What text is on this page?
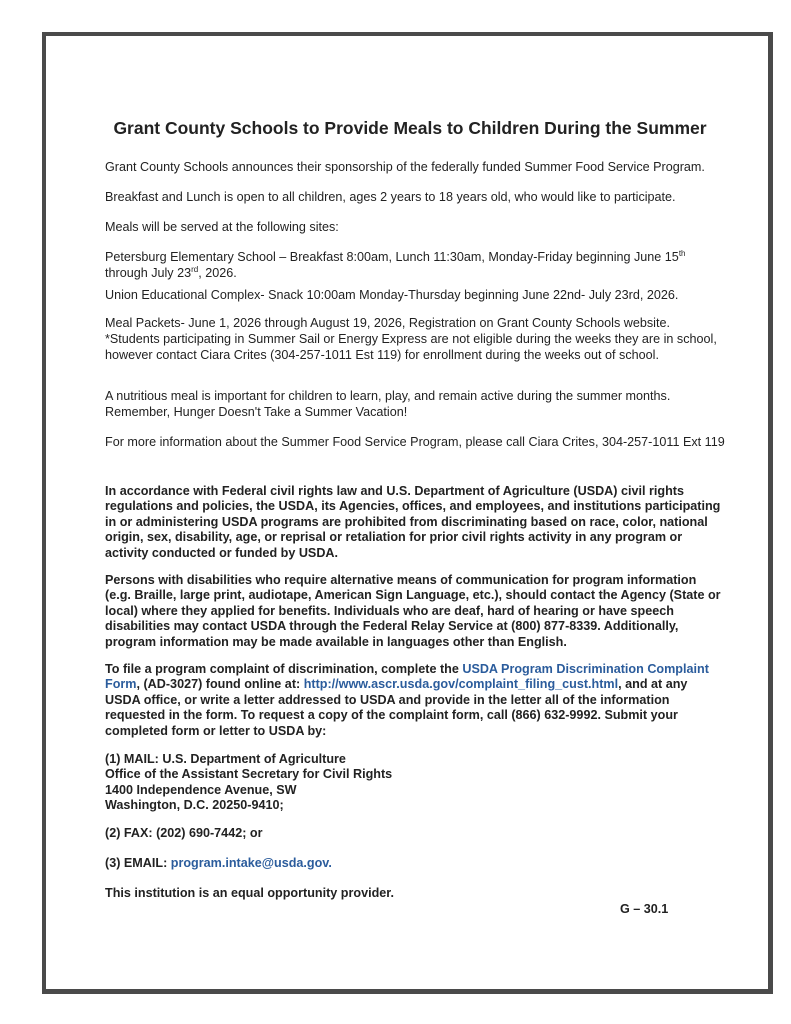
Grant County Schools to Provide Meals to Children During the Summer

Grant County Schools announces their sponsorship of the federally funded Summer Food Service Program.

Breakfast and Lunch is open to all children, ages 2 years to 18 years old, who would like to participate.

Meals will be served at the following sites:

Petersburg Elementary School – Breakfast 8:00am, Lunch 11:30am, Monday-Friday beginning June 15th through July 23rd, 2026.

Union Educational Complex- Snack 10:00am Monday-Thursday beginning June 22nd- July 23rd, 2026.

Meal Packets- June 1, 2026 through August 19, 2026, Registration on Grant County Schools website. *Students participating in Summer Sail or Energy Express are not eligible during the weeks they are in school, however contact Ciara Crites (304-257-1011 Est 119) for enrollment during the weeks out of school.

A nutritious meal is important for children to learn, play, and remain active during the summer months. Remember, Hunger Doesn't Take a Summer Vacation!

For more information about the Summer Food Service Program, please call Ciara Crites, 304-257-1011 Ext 119

In accordance with Federal civil rights law and U.S. Department of Agriculture (USDA) civil rights regulations and policies, the USDA, its Agencies, offices, and employees, and institutions participating in or administering USDA programs are prohibited from discriminating based on race, color, national origin, sex, disability, age, or reprisal or retaliation for prior civil rights activity in any program or activity conducted or funded by USDA.

Persons with disabilities who require alternative means of communication for program information (e.g. Braille, large print, audiotape, American Sign Language, etc.), should contact the Agency (State or local) where they applied for benefits. Individuals who are deaf, hard of hearing or have speech disabilities may contact USDA through the Federal Relay Service at (800) 877-8339. Additionally, program information may be made available in languages other than English.

To file a program complaint of discrimination, complete the USDA Program Discrimination Complaint Form, (AD-3027) found online at: http://www.ascr.usda.gov/complaint_filing_cust.html, and at any USDA office, or write a letter addressed to USDA and provide in the letter all of the information requested in the form. To request a copy of the complaint form, call (866) 632-9992. Submit your completed form or letter to USDA by:

(1) MAIL: U.S. Department of Agriculture
Office of the Assistant Secretary for Civil Rights
1400 Independence Avenue, SW
Washington, D.C. 20250-9410;

(2) FAX: (202) 690-7442; or

(3) EMAIL: program.intake@usda.gov.

This institution is an equal opportunity provider.

G – 30.1
